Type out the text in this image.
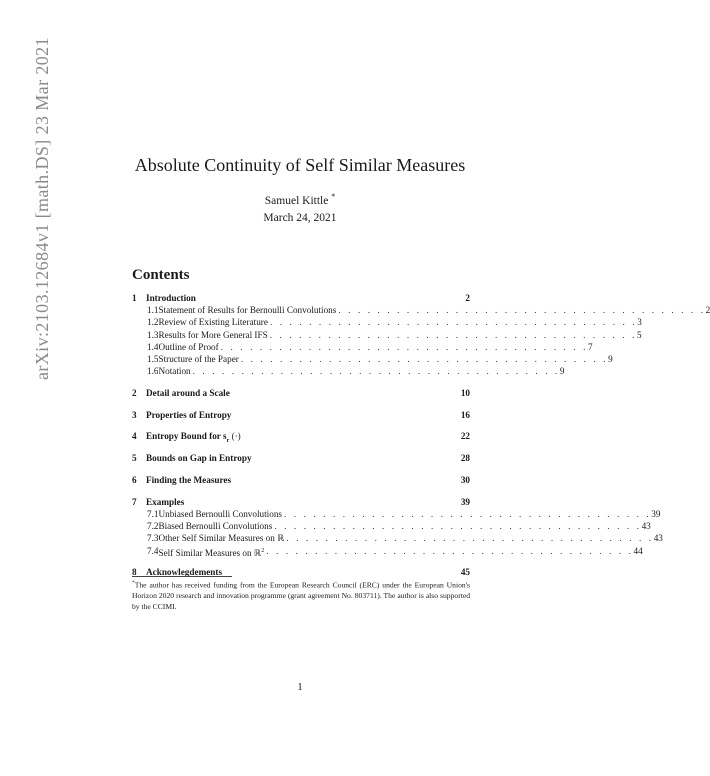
arXiv:2103.12684v1 [math.DS] 23 Mar 2021	Absolute Continuity of Self Similar Measures
Samuel Kittle *
March 24, 2021
Contents
1	Introduction	2
1.1 Statement of Results for Bernoulli Convolutions . . . . . . . . . . . . . . . . . . . . . . . . . . . . . . . . . . . . . . 2
1.2 Review of Existing Literature . . . . . . . . . . . . . . . . . . . . . . . . . . . . . . . . . . . . . . 3
1.3 Results for More General IFS . . . . . . . . . . . . . . . . . . . . . . . . . . . . . . . . . . . . . . 5
1.4 Outline of Proof . . . . . . . . . . . . . . . . . . . . . . . . . . . . . . . . . . . . . . 7
1.5 Structure of the Paper . . . . . . . . . . . . . . . . . . . . . . . . . . . . . . . . . . . . . . 9
1.6 Notation . . . . . . . . . . . . . . . . . . . . . . . . . . . . . . . . . . . . . . 9
2	Detail around a Scale	10
3	Properties of Entropy	16
4	Entropy Bound for $s_r$ (·)	22
5	Bounds on Gap in Entropy	28
6	Finding the Measures	30
7	Examples	39
7.1 Unbiased Bernoulli Convolutions . . . . . . . . . . . . . . . . . . . . . . . . . . . . . . . . . . . . . . 39
7.2 Biased Bernoulli Convolutions . . . . . . . . . . . . . . . . . . . . . . . . . . . . . . . . . . . . . . 43
7.3 Other Self Similar Measures on ℝ . . . . . . . . . . . . . . . . . . . . . . . . . . . . . . . . . . . . . . 43
7.4 Self Similar Measures on ℝ$^2$ . . . . . . . . . . . . . . . . . . . . . . . . . . . . . . . . . . . . . . 44
8	Acknowlegdements	45
*The author has received funding from the European Research Council (ERC) under the European Union's Horizon 2020 research and innovation programme (grant agreement No. 803711). The author is also supported by the CCIMI.
1
